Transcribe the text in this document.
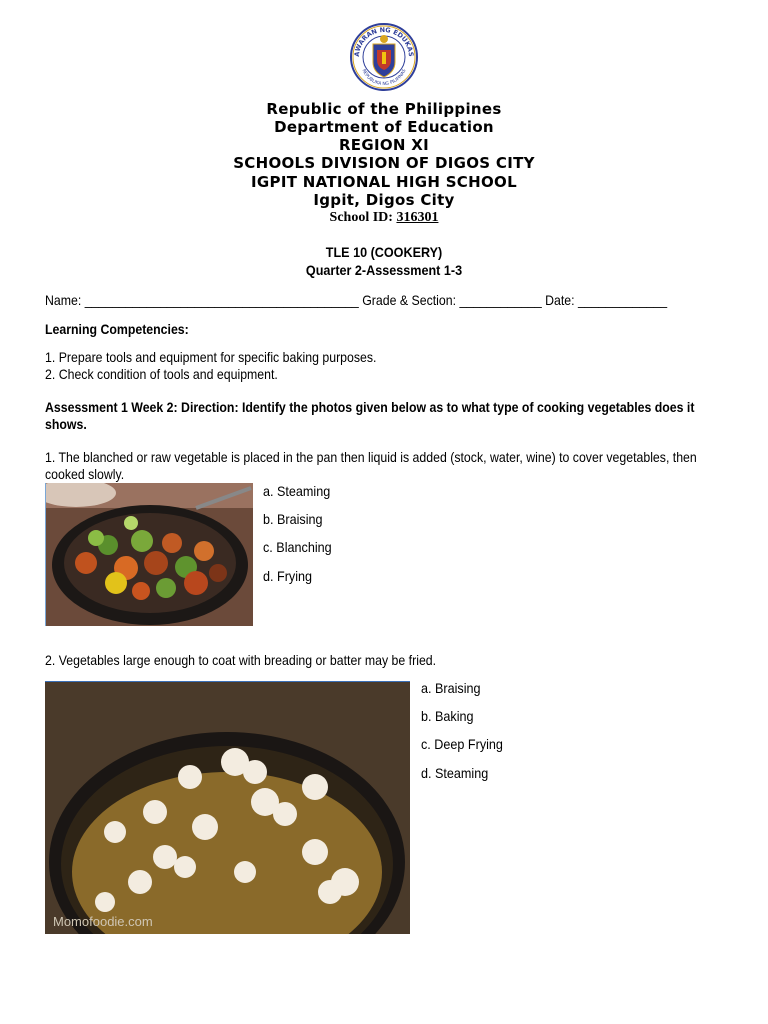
AWARAN NG EDUKAS
REPUBLIKA NG PILIPINAS
Republic of the Philippines
Department of Education
REGION XI
SCHOOLS DIVISION OF DIGOS CITY
IGPIT NATIONAL HIGH SCHOOL
Igpit, Digos City
School ID: 316301
TLE 10 (COOKERY)
Quarter 2-Assessment 1-3
Name: ________________________________________ Grade & Section: ____________ Date: _____________
Learning Competencies:
1. Prepare tools and equipment for specific baking purposes.
2. Check condition of tools and equipment.
Assessment 1 Week 2: Direction: Identify the photos given below as to what type of cooking vegetables does it
shows.
1. The blanched or raw vegetable is placed in the pan then liquid is added (stock, water, wine) to cover vegetables, then
cooked slowly.
a. Steaming
b. Braising
c. Blanching
d. Frying
2. Vegetables large enough to coat with breading or batter may be fried.
Momofoodie.com
a. Braising
b. Baking
c. Deep Frying
d. Steaming
